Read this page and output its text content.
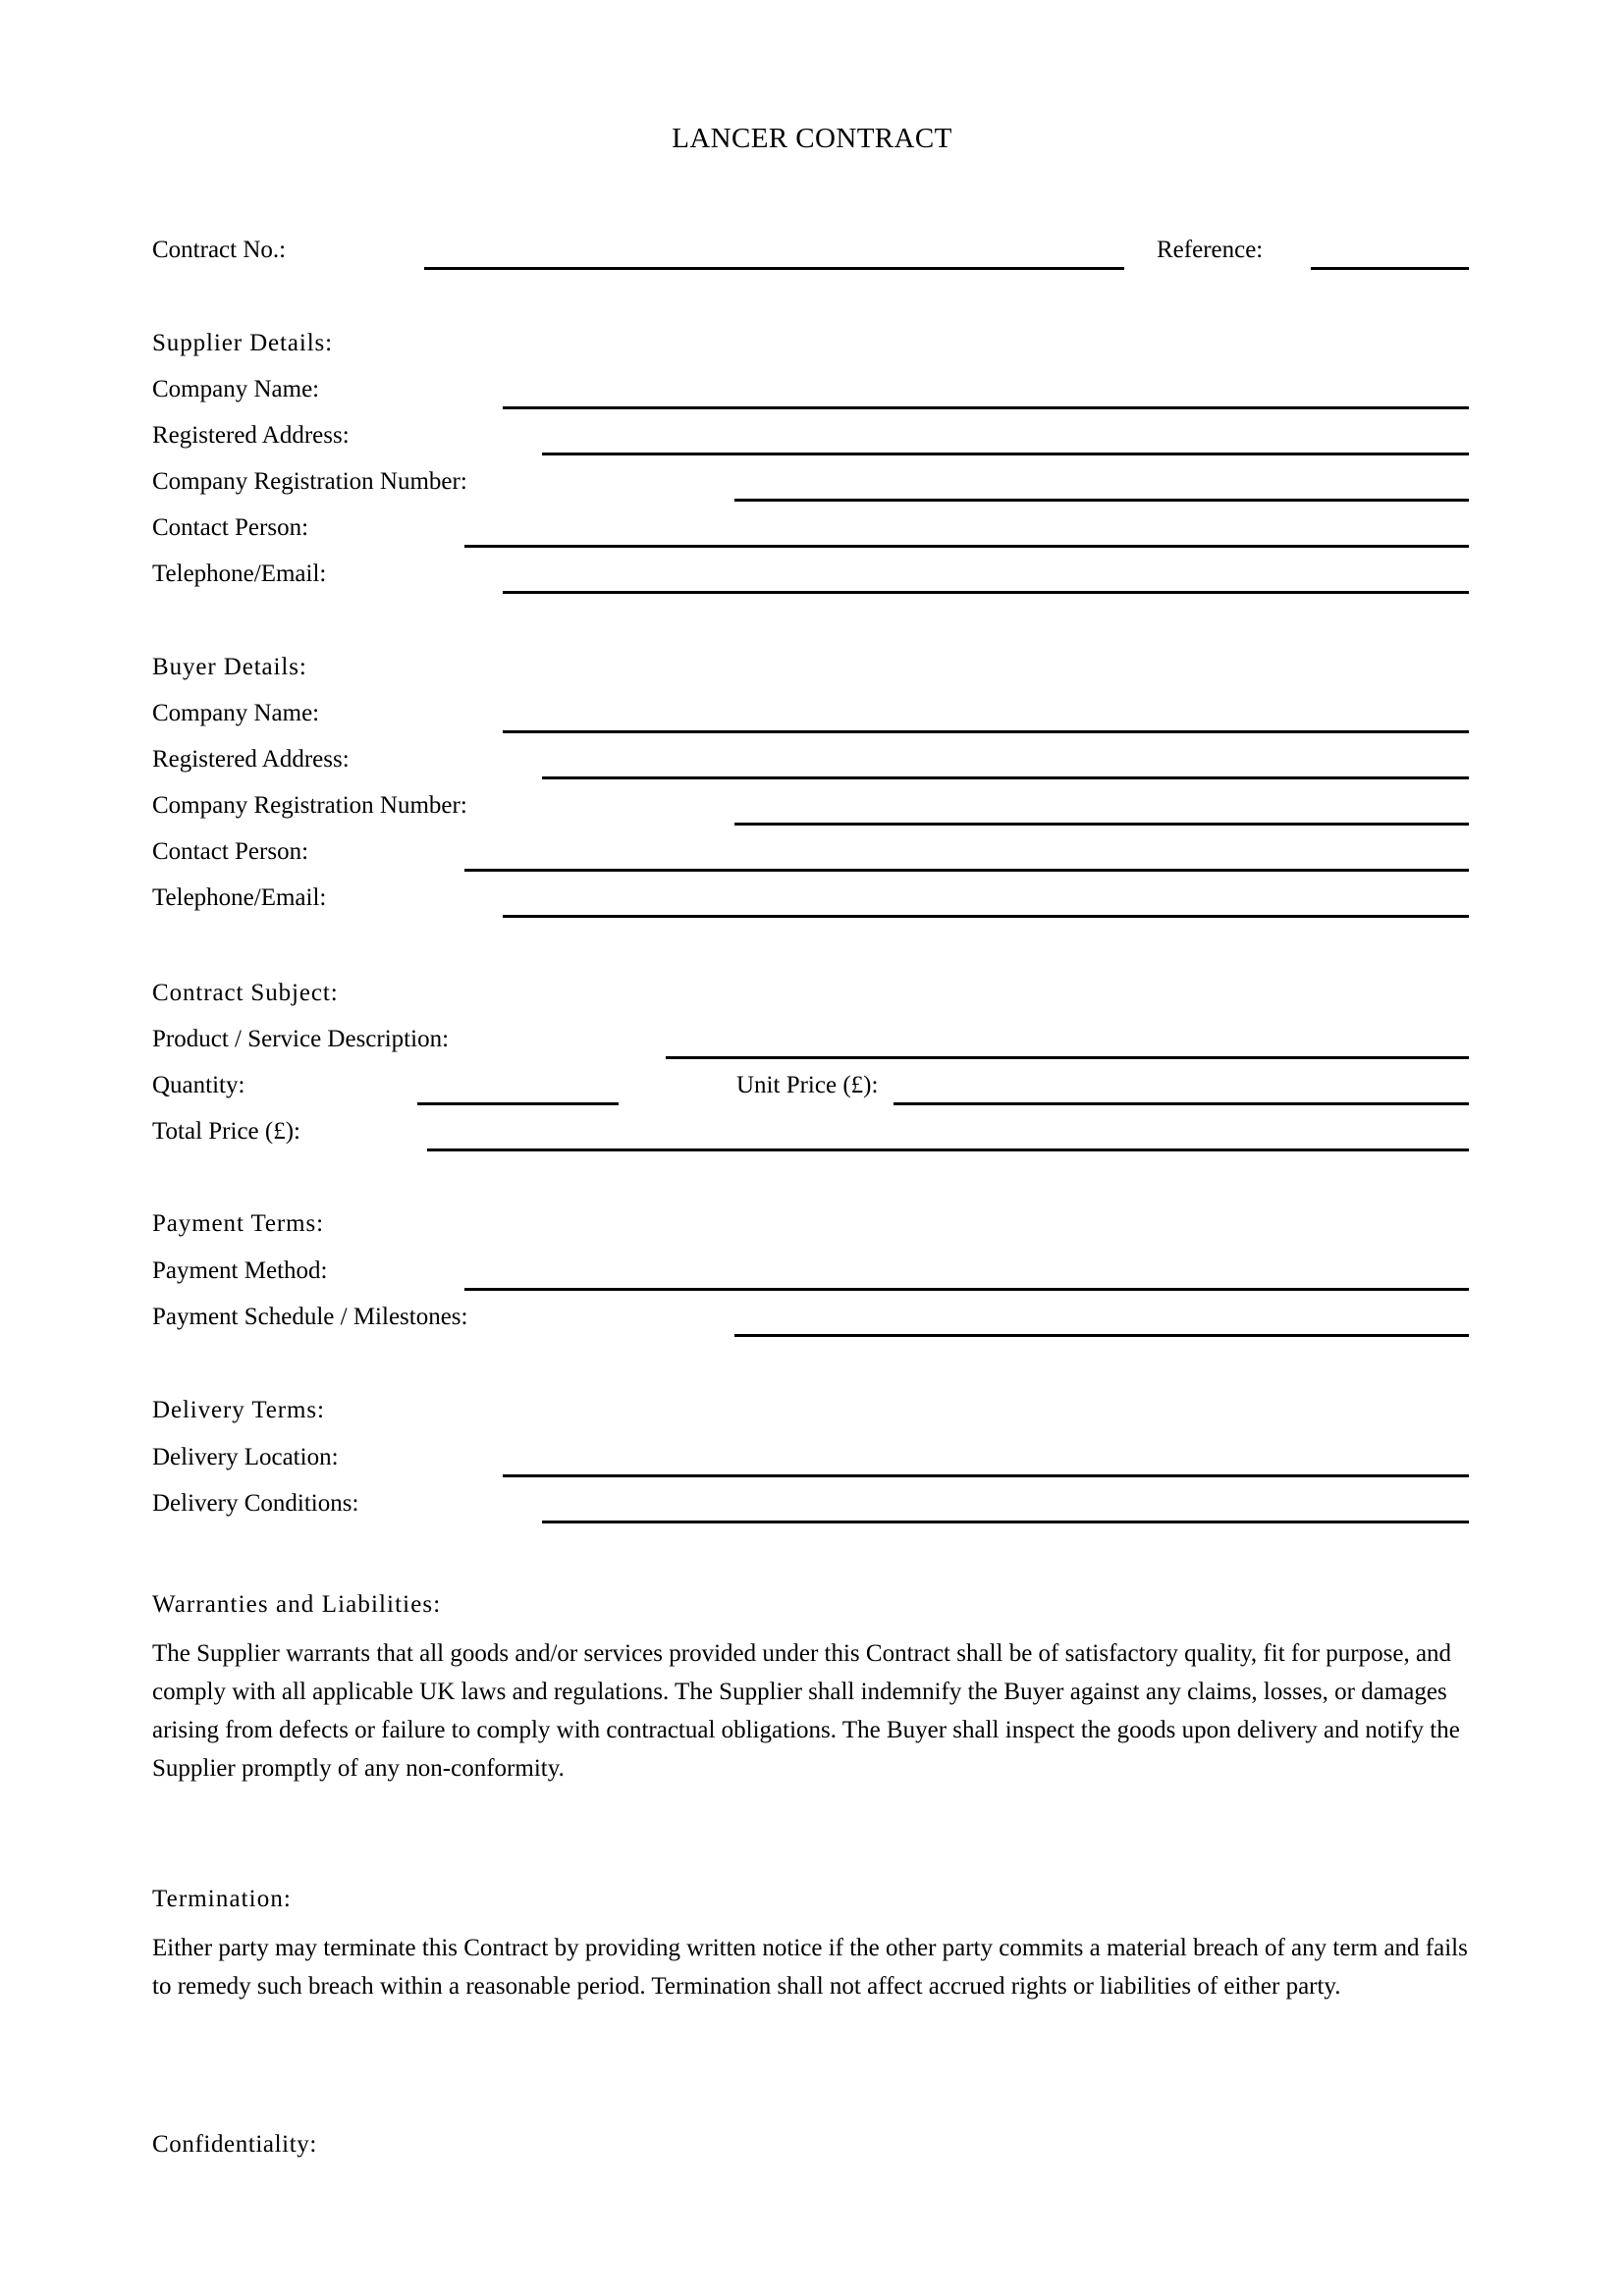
LANCER CONTRACT
Contract No.:	Reference:
Supplier Details:
Company Name:
Registered Address:
Company Registration Number:
Contact Person:
Telephone/Email:
Buyer Details:
Company Name:
Registered Address:
Company Registration Number:
Contact Person:
Telephone/Email:
Contract Subject:
Product / Service Description:
Quantity:	Unit Price (£):
Total Price (£):
Payment Terms:
Payment Method:
Payment Schedule / Milestones:
Delivery Terms:
Delivery Location:
Delivery Conditions:
Warranties and Liabilities:
The Supplier warrants that all goods and/or services provided under this Contract shall be of satisfactory quality, fit for purpose, and comply with all applicable UK laws and regulations. The Supplier shall indemnify the Buyer against any claims, losses, or damages arising from defects or failure to comply with contractual obligations. The Buyer shall inspect the goods upon delivery and notify the Supplier promptly of any non-conformity.
Termination:
Either party may terminate this Contract by providing written notice if the other party commits a material breach of any term and fails to remedy such breach within a reasonable period. Termination shall not affect accrued rights or liabilities of either party.
Confidentiality:
